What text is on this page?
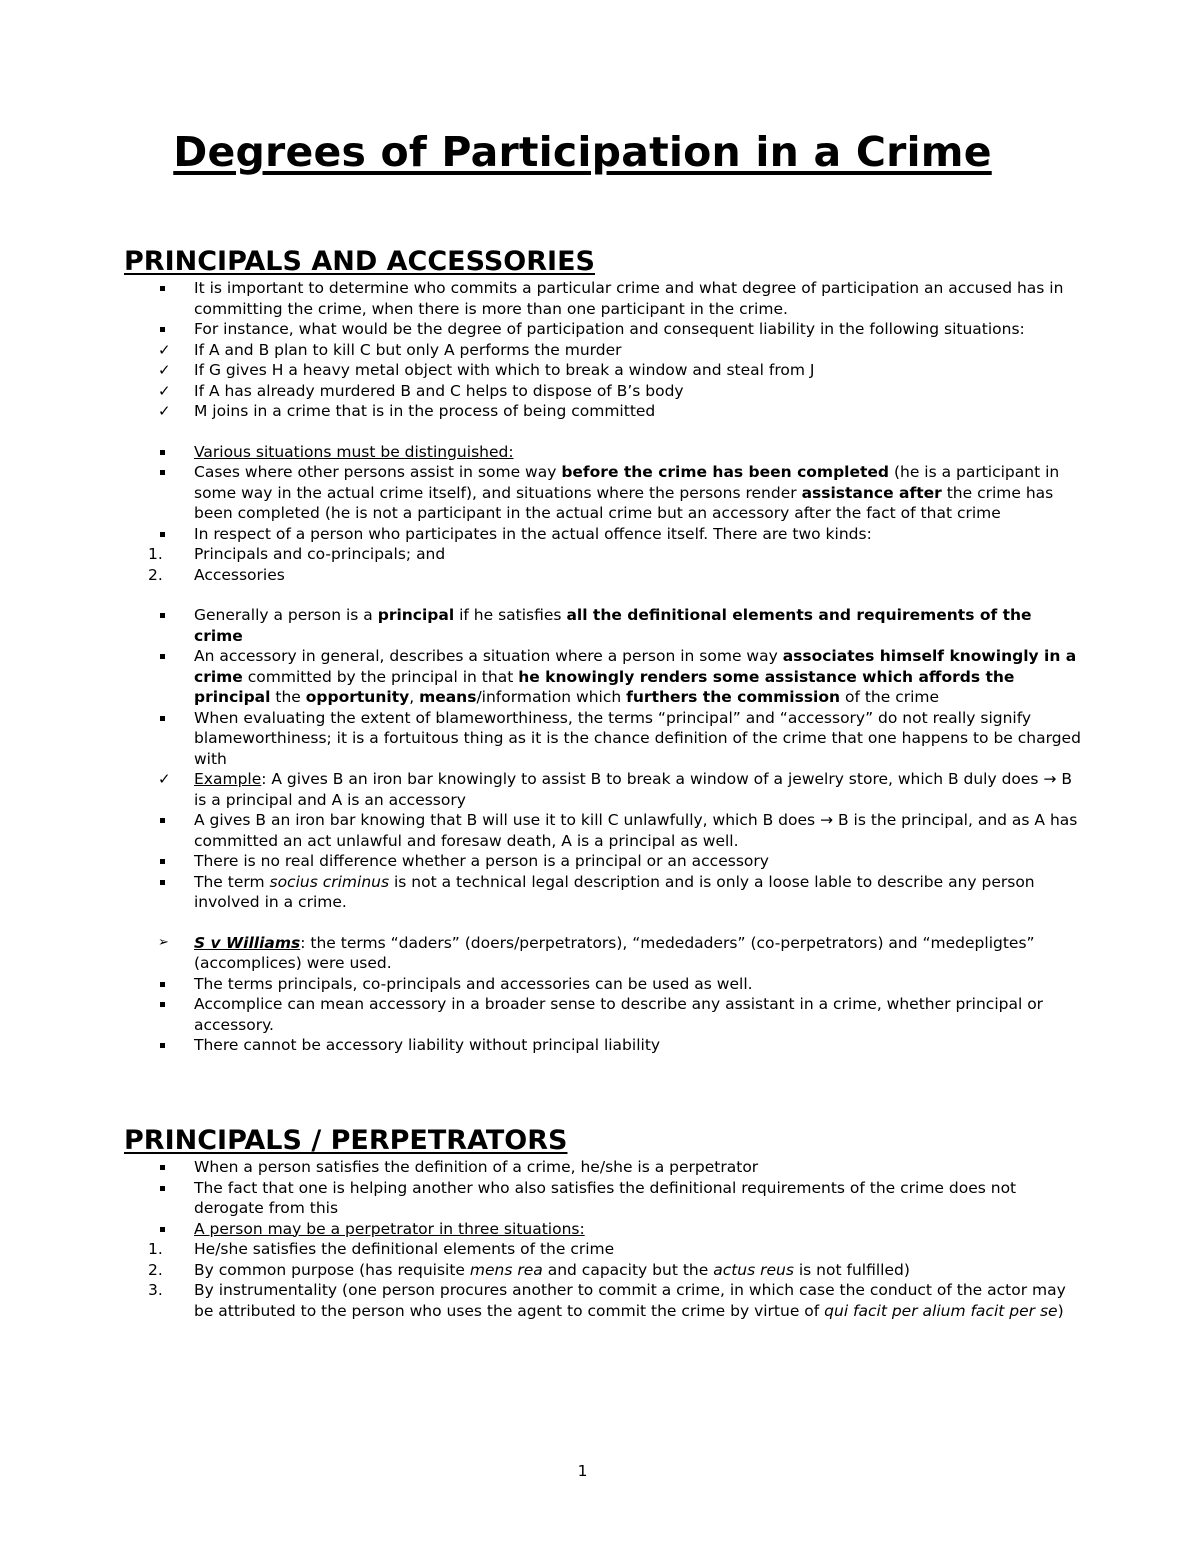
Degrees of Participation in a Crime
PRINCIPALS AND ACCESSORIES
It is important to determine who commits a particular crime and what degree of participation an accused has in committing the crime, when there is more than one participant in the crime.
For instance, what would be the degree of participation and consequent liability in the following situations:
✓	If A and B plan to kill C but only A performs the murder
✓	If G gives H a heavy metal object with which to break a window and steal from J
✓	If A has already murdered B and C helps to dispose of B’s body
✓	M joins in a crime that is in the process of being committed
Various situations must be distinguished:
Cases where other persons assist in some way before the crime has been completed (he is a participant in some way in the actual crime itself), and situations where the persons render assistance after the crime has been completed (he is not a participant in the actual crime but an accessory after the fact of that crime
In respect of a person who participates in the actual offence itself. There are two kinds:
1.	Principals and co-principals; and
2.	Accessories
Generally a person is a principal if he satisfies all the definitional elements and requirements of the crime
An accessory in general, describes a situation where a person in some way associates himself knowingly in a crime committed by the principal in that he knowingly renders some assistance which affords the principal the opportunity, means/information which furthers the commission of the crime
When evaluating the extent of blameworthiness, the terms “principal” and “accessory” do not really signify blameworthiness; it is a fortuitous thing as it is the chance definition of the crime that one happens to be charged with
✓	Example: A gives B an iron bar knowingly to assist B to break a window of a jewelry store, which B duly does → B is a principal and A is an accessory
A gives B an iron bar knowing that B will use it to kill C unlawfully, which B does → B is the principal, and as A has committed an act unlawful and foresaw death, A is a principal as well.
There is no real difference whether a person is a principal or an accessory
The term socius criminus is not a technical legal description and is only a loose lable to describe any person involved in a crime.
➢	S v Williams: the terms “daders” (doers/perpetrators), “mededaders” (co-perpetrators) and “medepligtes” (accomplices) were used.
The terms principals, co-principals and accessories can be used as well.
Accomplice can mean accessory in a broader sense to describe any assistant in a crime, whether principal or accessory.
There cannot be accessory liability without principal liability
PRINCIPALS / PERPETRATORS
When a person satisfies the definition of a crime, he/she is a perpetrator
The fact that one is helping another who also satisfies the definitional requirements of the crime does not derogate from this
A person may be a perpetrator in three situations:
1.	He/she satisfies the definitional elements of the crime
2.	By common purpose (has requisite mens rea and capacity but the actus reus is not fulfilled)
3.	By instrumentality (one person procures another to commit a crime, in which case the conduct of the actor may be attributed to the person who uses the agent to commit the crime by virtue of qui facit per alium facit per se)
1
